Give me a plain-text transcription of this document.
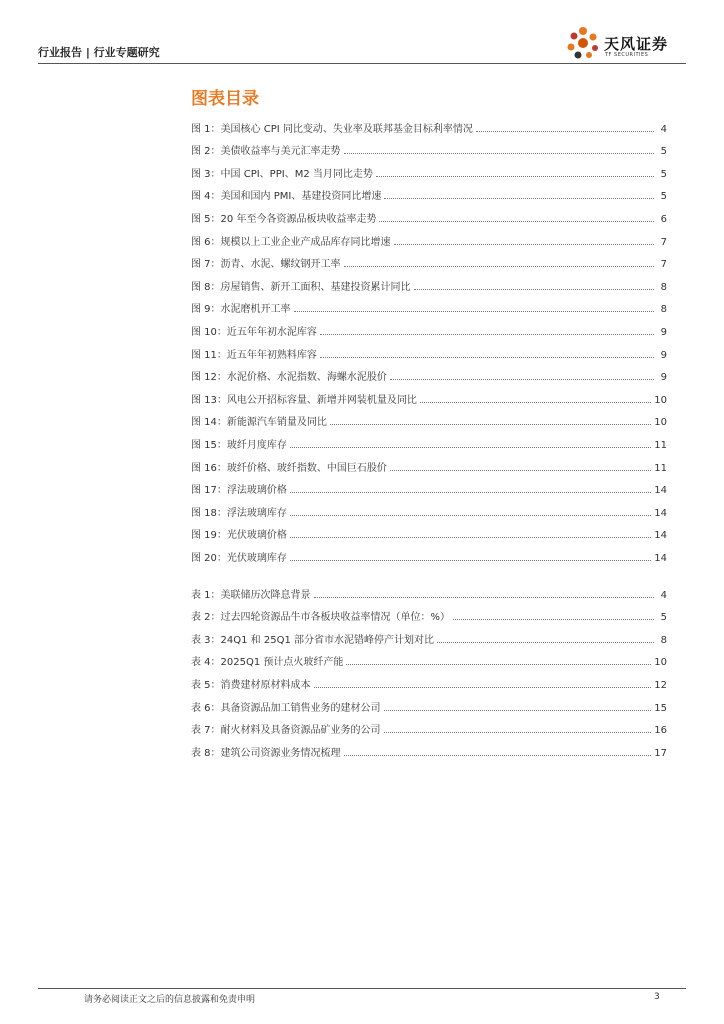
行业报告 | 行业专题研究	天风证券
TF SECURITIES
图表目录
图 1：美国核心 CPI 同比变动、失业率及联邦基金目标利率情况	4
图 2：美债收益率与美元汇率走势	5
图 3：中国 CPI、PPI、M2 当月同比走势	5
图 4：美国和国内 PMI、基建投资同比增速	5
图 5：20 年至今各资源品板块收益率走势	6
图 6：规模以上工业企业产成品库存同比增速	7
图 7：沥青、水泥、螺纹钢开工率	7
图 8：房屋销售、新开工面积、基建投资累计同比	8
图 9：水泥磨机开工率	8
图 10：近五年年初水泥库容	9
图 11：近五年年初熟料库容	9
图 12：水泥价格、水泥指数、海螺水泥股价	9
图 13：风电公开招标容量、新增并网装机量及同比	10
图 14：新能源汽车销量及同比	10
图 15：玻纤月度库存	11
图 16：玻纤价格、玻纤指数、中国巨石股价	11
图 17：浮法玻璃价格	14
图 18：浮法玻璃库存	14
图 19：光伏玻璃价格	14
图 20：光伏玻璃库存	14
表 1：美联储历次降息背景	4
表 2：过去四轮资源品牛市各板块收益率情况（单位：%）	5
表 3：24Q1 和 25Q1 部分省市水泥错峰停产计划对比	8
表 4：2025Q1 预计点火玻纤产能	10
表 5：消费建材原材料成本	12
表 6：具备资源品加工销售业务的建材公司	15
表 7：耐火材料及具备资源品矿业务的公司	16
表 8：建筑公司资源业务情况梳理	17
请务必阅读正文之后的信息披露和免责申明	3
